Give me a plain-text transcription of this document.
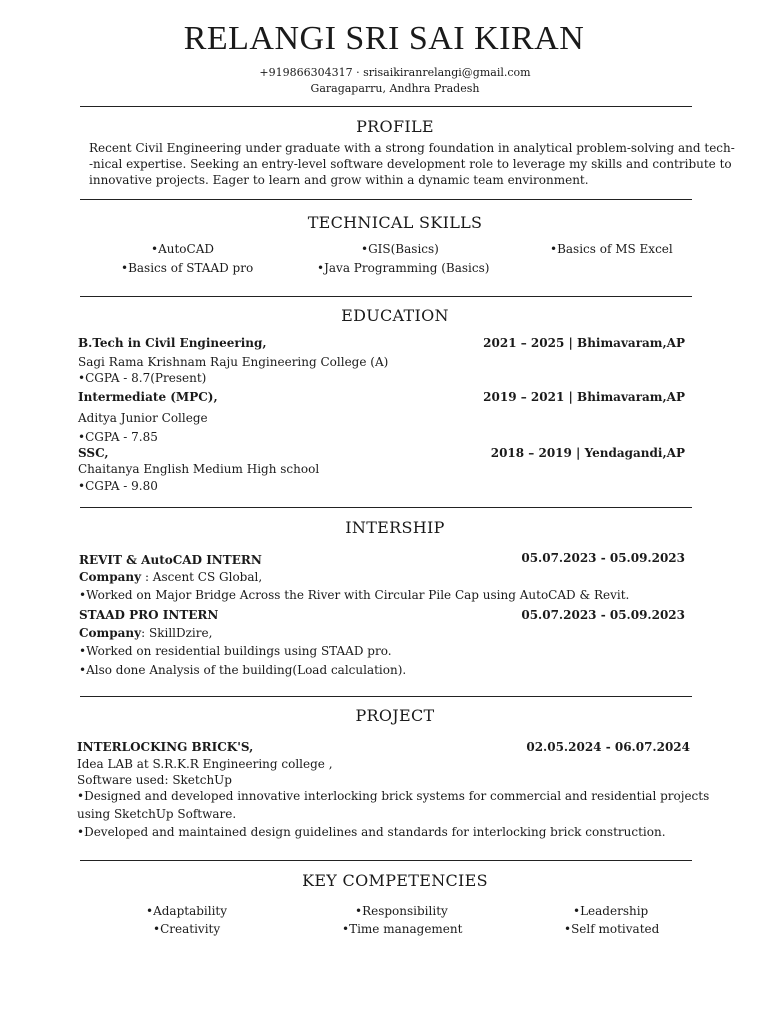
RELANGI SRI SAI KIRAN
+919866304317 · srisaikiranrelangi@gmail.com
Garagaparru, Andhra Pradesh
PROFILE
Recent Civil Engineering under graduate with a strong foundation in analytical problem-solving and tech-
-nical expertise. Seeking an entry-level software development role to leverage my skills and contribute to
innovative projects. Eager to learn and grow within a dynamic team environment.
TECHNICAL SKILLS
•AutoCAD	•GIS(Basics)	•Basics of MS Excel
•Basics of STAAD pro	•Java Programming (Basics)
EDUCATION
B.Tech in Civil Engineering,	2021 – 2025 | Bhimavaram,AP
Sagi Rama Krishnam Raju Engineering College (A)
•CGPA - 8.7(Present)
Intermediate (MPC),	2019 – 2021 | Bhimavaram,AP
Aditya Junior College
•CGPA - 7.85
SSC,	2018 – 2019 | Yendagandi,AP
Chaitanya English Medium High school
•CGPA - 9.80
INTERSHIP
REVIT & AutoCAD INTERN	05.07.2023 - 05.09.2023
Company : Ascent CS Global,
•Worked on Major Bridge Across the River with Circular Pile Cap using AutoCAD & Revit.
STAAD PRO INTERN	05.07.2023 - 05.09.2023
Company: SkillDzire,
•Worked on residential buildings using STAAD pro.
•Also done Analysis of the building(Load calculation).
PROJECT
INTERLOCKING BRICK'S,	02.05.2024 - 06.07.2024
Idea LAB at S.R.K.R Engineering college ,
Software used: SketchUp
•Designed and developed innovative interlocking brick systems for commercial and residential projects
using SketchUp Software.
•Developed and maintained design guidelines and standards for interlocking brick construction.
KEY COMPETENCIES
•Adaptability	•Responsibility	•Leadership
•Creativity	•Time management	•Self motivated
